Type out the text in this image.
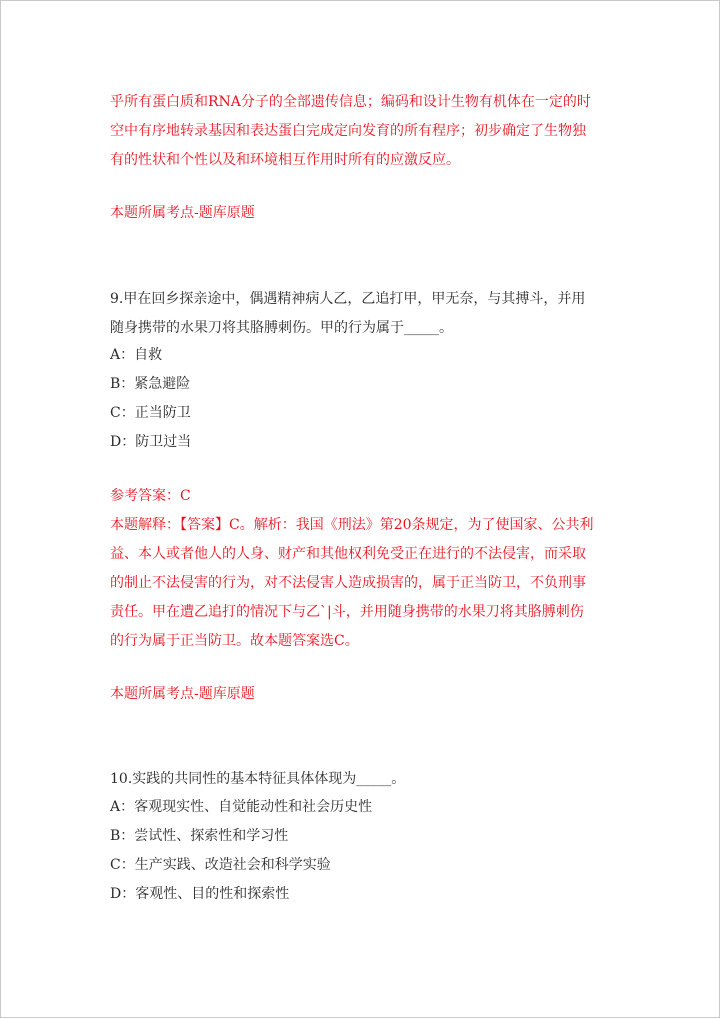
乎所有蛋白质和RNA分子的全部遗传信息；编码和设计生物有机体在一定的时
空中有序地转录基因和表达蛋白完成定向发育的所有程序；初步确定了生物独
有的性状和个性以及和环境相互作用时所有的应激反应。
本题所属考点-题库原题
9.甲在回乡探亲途中，偶遇精神病人乙，乙追打甲，甲无奈，与其搏斗，并用
随身携带的水果刀将其胳膊刺伤。甲的行为属于_____。
A：自救
B：紧急避险
C：正当防卫
D：防卫过当
参考答案：C
本题解释：【答案】C。解析：我国《刑法》第20条规定，为了使国家、公共利
益、本人或者他人的人身、财产和其他权利免受正在进行的不法侵害，而采取
的制止不法侵害的行为，对不法侵害人造成损害的，属于正当防卫，不负刑事
责任。甲在遭乙追打的情况下与乙`|斗，并用随身携带的水果刀将其胳膊刺伤
的行为属于正当防卫。故本题答案选C。
本题所属考点-题库原题
10.实践的共同性的基本特征具体体现为_____。
A：客观现实性、自觉能动性和社会历史性
B：尝试性、探索性和学习性
C：生产实践、改造社会和科学实验
D：客观性、目的性和探索性
